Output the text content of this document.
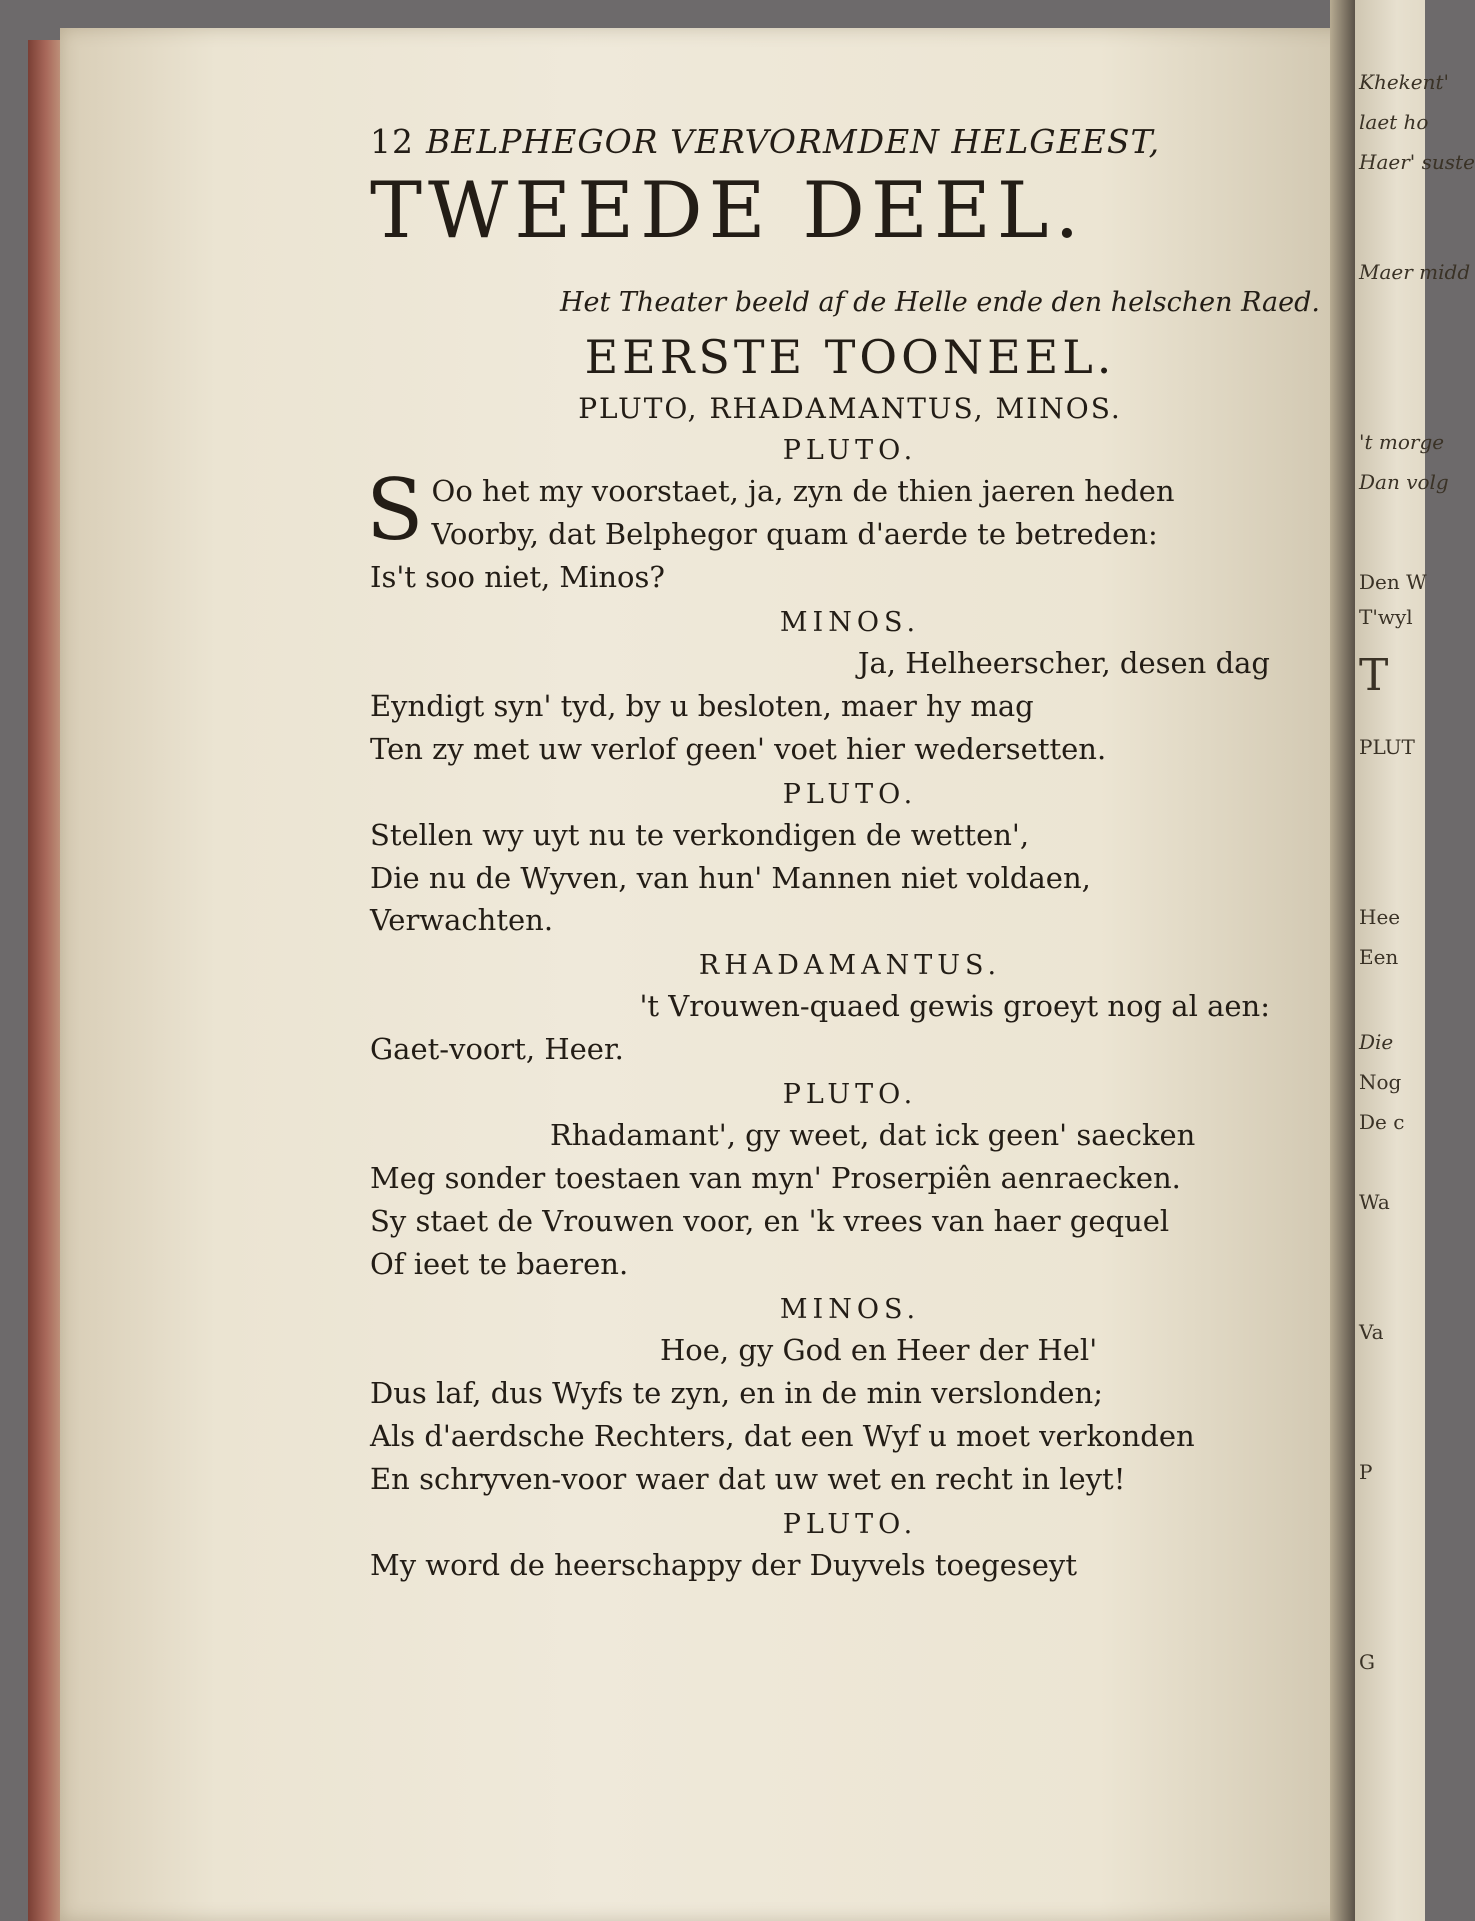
Khekent'
laet ho
Haer' suste
Maer midd
't morge
Dan volg
Den W
T'wyl
T
PLUT
Hee
Een
Die
Nog
De c
Wa
Va
P
G
12 BELPHEGOR VERVORMDEN HELGEEST,
TWEEDE DEEL.
Het Theater beeld af de Helle ende den helschen Raed.
EERSTE TOONEEL.
PLUTO, RHADAMANTUS, MINOS.
PLUTO.
S Oo het my voorstaet, ja, zyn de thien jaeren heden

Voorby, dat Belphegor quam d'aerde te betreden:

Is't soo niet, Minos?

MINOS.

Ja, Helheerscher, desen dag

Eyndigt syn' tyd, by u besloten, maer hy mag

Ten zy met uw verlof geen' voet hier wedersetten.

PLUTO.

Stellen wy uyt nu te verkondigen de wetten',

Die nu de Wyven, van hun' Mannen niet voldaen,

Verwachten.

RHADAMANTUS.

't Vrouwen-quaed gewis groeyt nog al aen:

Gaet-voort, Heer.

PLUTO.

Rhadamant', gy weet, dat ick geen' saecken

Meg sonder toestaen van myn' Proserpiên aenraecken.

Sy staet de Vrouwen voor, en 'k vrees van haer gequel

Of ieet te baeren.

MINOS.

Hoe, gy God en Heer der Hel'

Dus laf, dus Wyfs te zyn, en in de min verslonden;

Als d'aerdsche Rechters, dat een Wyf u moet verkonden

En schryven-voor waer dat uw wet en recht in leyt!

PLUTO.

My word de heerschappy der Duyvels toegeseyt
